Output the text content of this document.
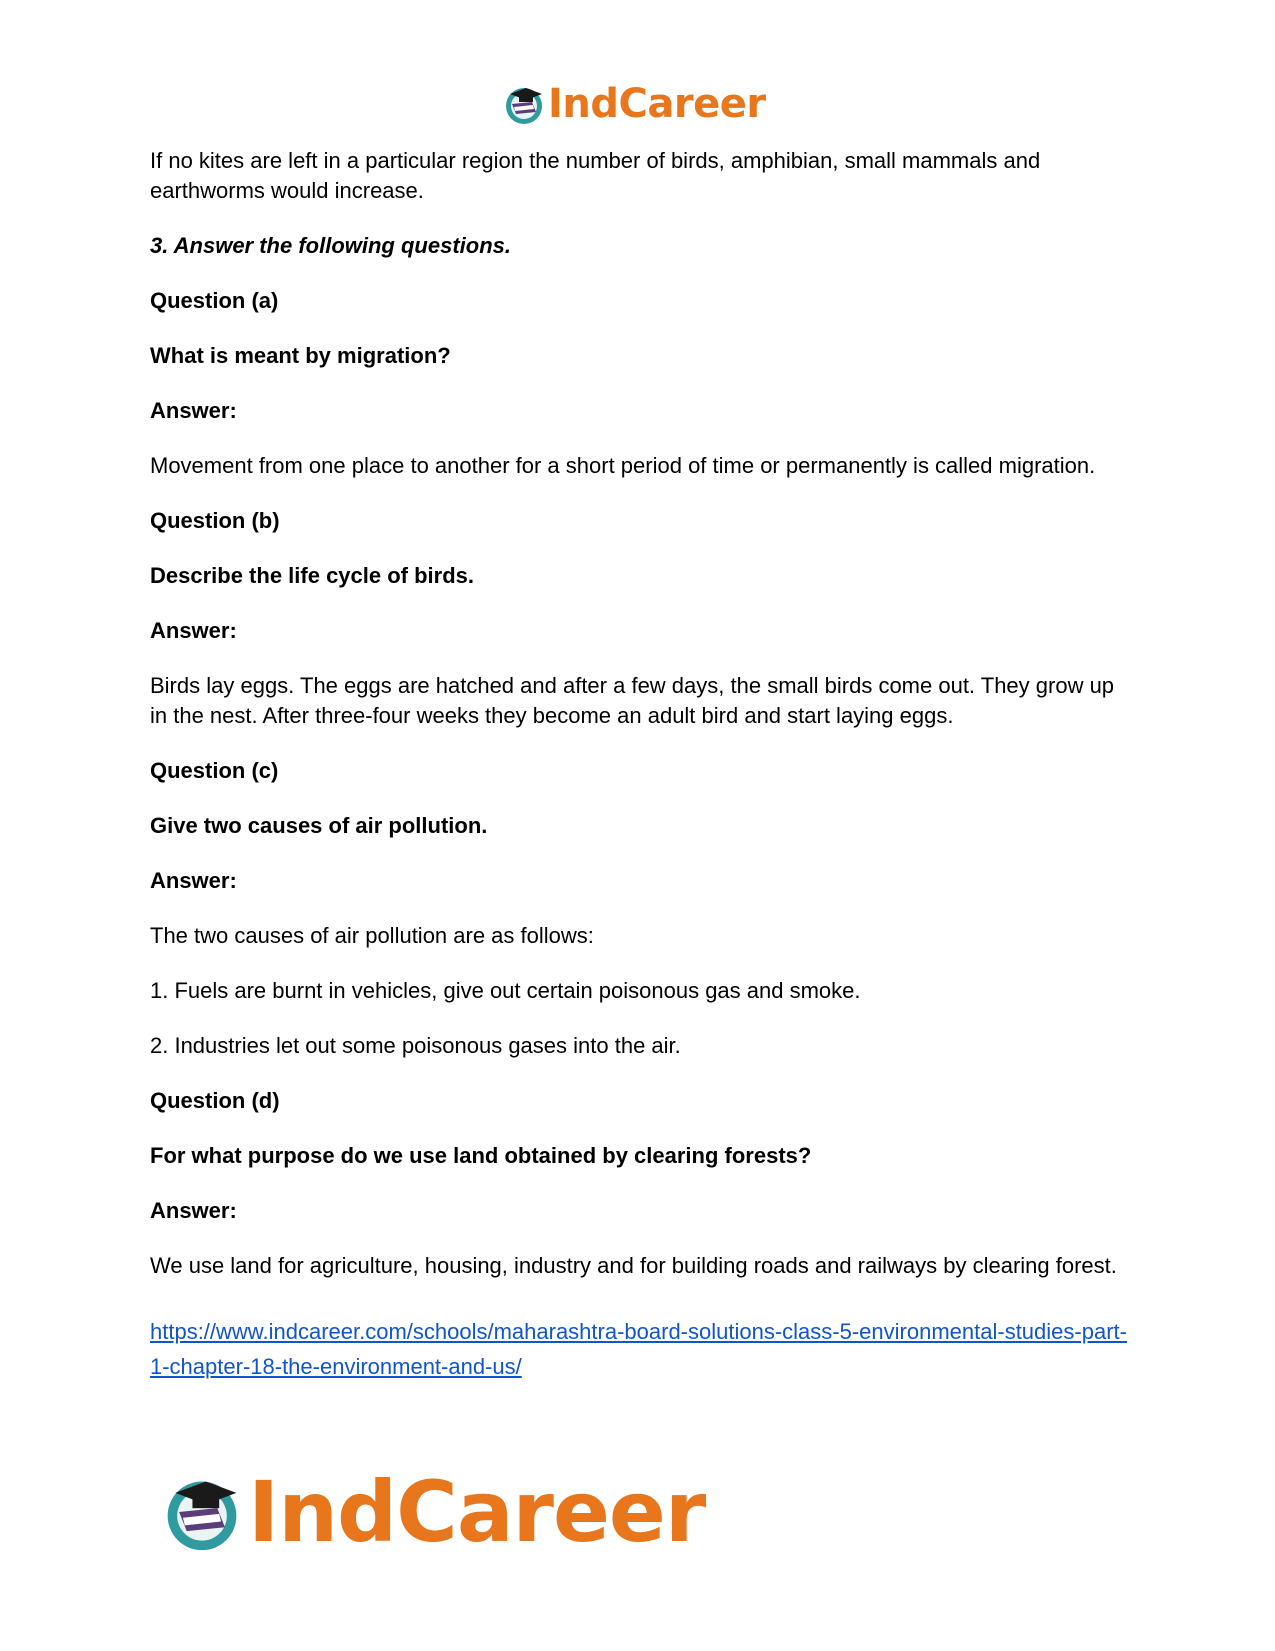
IndCareer

If no kites are left in a particular region the number of birds, amphibian, small mammals and earthworms would increase.

3. Answer the following questions.

Question (a)

What is meant by migration?

Answer:

Movement from one place to another for a short period of time or permanently is called migration.

Question (b)

Describe the life cycle of birds.

Answer:

Birds lay eggs. The eggs are hatched and after a few days, the small birds come out. They grow up in the nest. After three-four weeks they become an adult bird and start laying eggs.

Question (c)

Give two causes of air pollution.

Answer:

The two causes of air pollution are as follows:

1. Fuels are burnt in vehicles, give out certain poisonous gas and smoke.

2. Industries let out some poisonous gases into the air.

Question (d)

For what purpose do we use land obtained by clearing forests?

Answer:

We use land for agriculture, housing, industry and for building roads and railways by clearing forest.

https://www.indcareer.com/schools/maharashtra-board-solutions-class-5-environmental-studies-part-1-chapter-18-the-environment-and-us/
IndCareer
